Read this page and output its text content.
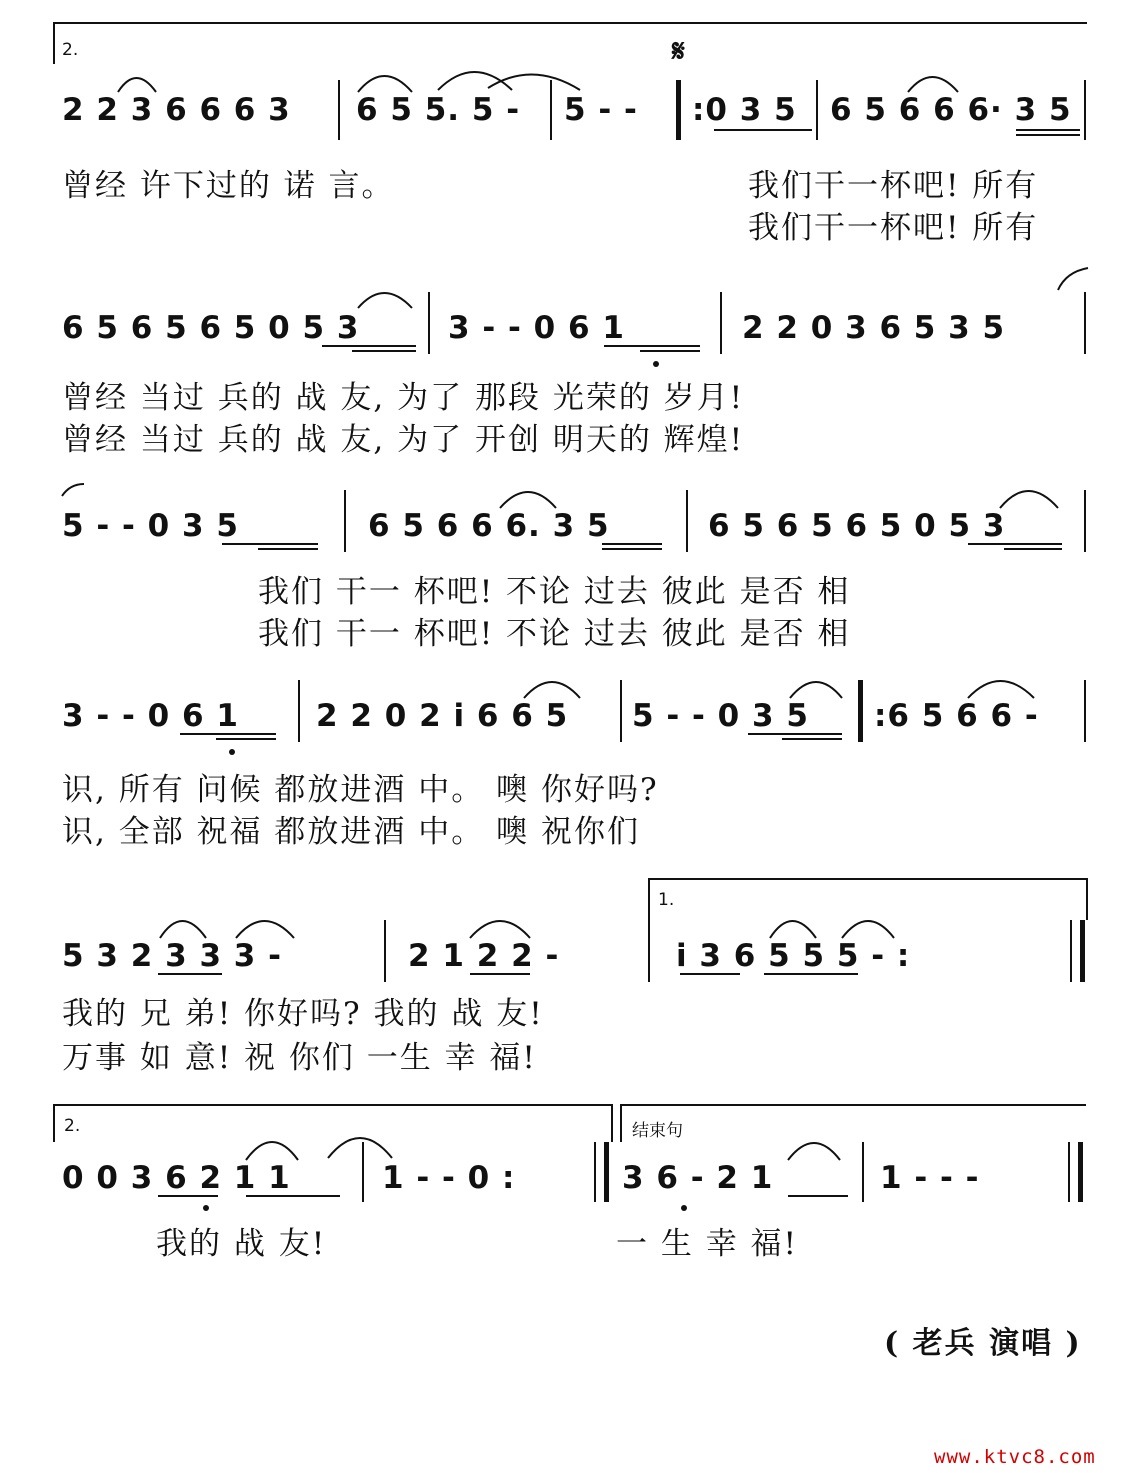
2.
2 2 3 6 6 6 3 6 5 5. 5 - 5 - -
𝄋
:0 3 5 6 5 6 6 6· 3 5
曾经 许下过的 诺 言。	我们干一杯吧! 所有
我们干一杯吧! 所有
6 5 6 5 6 5 0 5 3	3 - - 0 6 1	2 2 0 3 6 5 3 5
曾经 当过 兵的 战 友, 为了 那段 光荣的 岁月!
曾经 当过 兵的 战 友, 为了 开创 明天的 辉煌!
5 - - 0 3 5	6 5 6 6 6. 3 5	6 5 6 5 6 5 0 5 3
我们 干一 杯吧! 不论 过去 彼此 是否 相
我们 干一 杯吧! 不论 过去 彼此 是否 相
3 - - 0 6 1 2 2 0 2 i 6 6 5 5 - - 0 3 5 :6 5 6 6 -
识, 所有 问候 都放进酒 中。 噢 你好吗?
识, 全部 祝福 都放进酒 中。 噢 祝你们
1.
5 3 2 3 3 3 -	2 1 2 2 -	i 3 6 5 5 5 - :
我的 兄 弟! 你好吗? 我的 战 友!
万事 如 意! 祝 你们 一生 幸 福!
2.	结束句
0 0 3 6 2 1 1	1 - - 0 :	3 6 - 2 1	1 - - -
我的 战 友!	一 生 幸 福!
( 老兵 演唱 )
www.ktvc8.com
